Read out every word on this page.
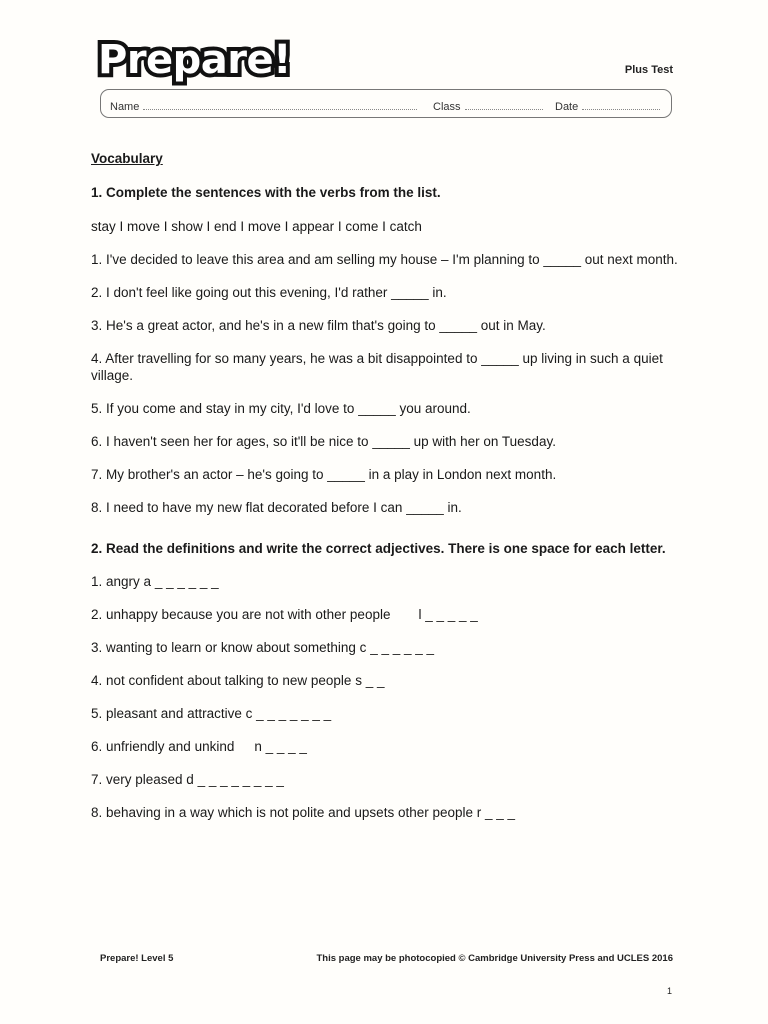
Prepare!	Plus Test
Name	Class	Date

Vocabulary

1. Complete the sentences with the verbs from the list.

stay I move I show I end I move I appear I come I catch

1. I've decided to leave this area and am selling my house – I'm planning to _____ out next month.

2. I don't feel like going out this evening, I'd rather _____ in.

3. He's a great actor, and he's in a new film that's going to _____ out in May.

4. After travelling for so many years, he was a bit disappointed to _____ up living in such a quiet village.

5. If you come and stay in my city, I'd love to _____ you around.

6. I haven't seen her for ages, so it'll be nice to _____ up with her on Tuesday.

7. My brother's an actor – he's going to _____ in a play in London next month.

8. I need to have my new flat decorated before I can _____ in.

2. Read the definitions and write the correct adjectives. There is one space for each letter.

1. angry a _ _ _ _ _ _

2. unhappy because you are not with other people l _ _ _ _ _

3. wanting to learn or know about something c _ _ _ _ _ _

4. not confident about talking to new people s _ _

5. pleasant and attractive c _ _ _ _ _ _ _

6. unfriendly and unkind n _ _ _ _

7. very pleased d _ _ _ _ _ _ _ _

8. behaving in a way which is not polite and upsets other people r _ _ _

Prepare! Level 5	This page may be photocopied © Cambridge University Press and UCLES 2016
1
